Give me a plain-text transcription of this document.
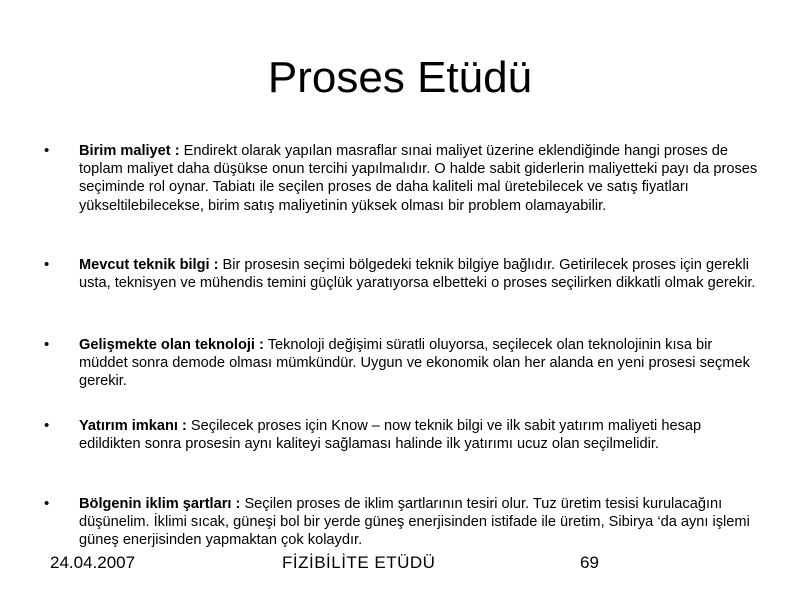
Proses Etüdü
• Birim maliyet : Endirekt olarak yapılan masraflar sınai maliyet üzerine eklendiğinde hangi proses de toplam maliyet daha düşükse onun tercihi yapılmalıdır. O halde sabit giderlerin maliyetteki payı da proses seçiminde rol oynar. Tabiatı ile seçilen proses de daha kaliteli mal üretebilecek ve satış fiyatları yükseltilebilecekse, birim satış maliyetinin yüksek olması bir problem olamayabilir.
• Mevcut teknik bilgi : Bir prosesin seçimi bölgedeki teknik bilgiye bağlıdır. Getirilecek proses için gerekli usta, teknisyen ve mühendis temini güçlük yaratıyorsa elbetteki o proses seçilirken dikkatli olmak gerekir.
• Gelişmekte olan teknoloji : Teknoloji değişimi süratli oluyorsa, seçilecek olan teknolojinin kısa bir müddet sonra demode olması mümkündür. Uygun ve ekonomik olan her alanda en yeni prosesi seçmek gerekir.
• Yatırım imkanı : Seçilecek proses için Know – now teknik bilgi ve ilk sabit yatırım maliyeti hesap edildikten sonra prosesin aynı kaliteyi sağlaması halinde ilk yatırımı ucuz olan seçilmelidir.
• Bölgenin iklim şartları : Seçilen proses de iklim şartlarının tesiri olur. Tuz üretim tesisi kurulacağını düşünelim. İklimi sıcak, güneşi bol bir yerde güneş enerjisinden istifade ile üretim, Sibirya ‘da aynı işlemi güneş enerjisinden yapmaktan çok kolaydır.
24.04.2007	FİZİBİLİTE ETÜDÜ	69
